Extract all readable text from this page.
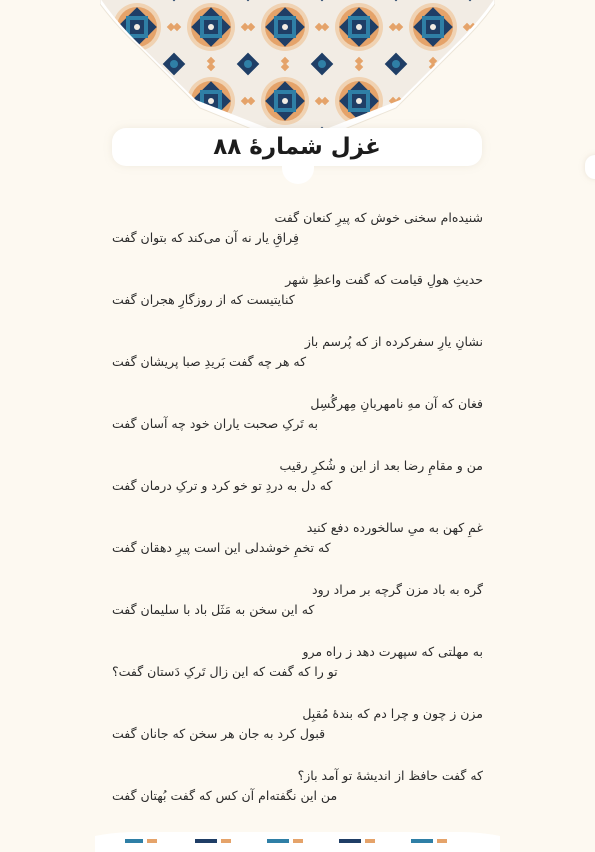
غزل شمارهٔ ۸۸
شنیده‌ام سخنی خوش که پیرِ کنعان گفت
فِراقِ یار نه آن می‌کند که بتوان گفت
حدیثِ هولِ قیامت که گفت واعظِ شهر
کنایتیست که از روزگارِ هجران گفت
نشانِ یارِ سفرکرده از که پُرسم باز
که هر چه گفت بَریدِ صبا پریشان گفت
فغان که آن مهِ نامهربانِ مِهرگُسِل
به تَرکِ صحبت یاران خود چه آسان گفت
من و مقامِ رضا بعد از این و شُکرِ رقیب
که دل به دردِ تو خو کرد و ترکِ درمان گفت
غمِ کهن به میِ سالخورده دفع کنید
که تخمِ خوشدلی این است پیرِ دهقان گفت
گره به باد مزن گرچه بر مراد رود
که این سخن به مَثَل باد با سلیمان گفت
به مهلتی که سپهرت دهد ز راه مرو
تو را که گفت که این زال تَرکِ دَستان گفت؟
مزن ز چون و چرا دم که بندهٔ مُقبِل
قبول کرد به جان هر سخن که جانان گفت
که گفت حافظ از اندیشهٔ تو آمد باز؟
من این نگفته‌ام آن کس که گفت بُهتان گفت
